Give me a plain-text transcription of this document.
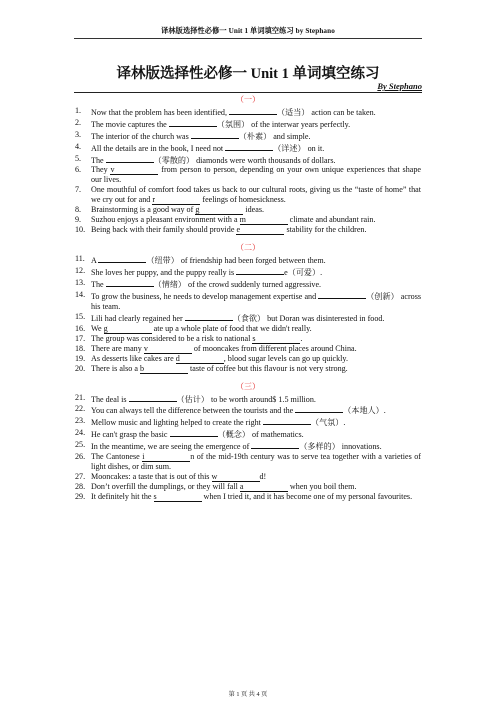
译林版选择性必修一 Unit 1 单词填空练习 by Stephano
译林版选择性必修一 Unit 1 单词填空练习
By Stephano
（一）
1.	Now that the problem has been identified,	（适当） action can be taken.
2.	The movie captures the	（氛围） of the interwar years perfectly.
3.	The interior of the church was	（朴素） and simple.
4.	All the details are in the book, I need not	（详述） on it.
5.	The	（零散的） diamonds were worth thousands of dollars.
6.	They v	from person to person, depending on your own unique experiences that shape our lives.
7.	One mouthful of comfort food takes us back to our cultural roots, giving us the “taste of home” that we cry out for and r	feelings of homesickness.
8.	Brainstorming is a good way of g	ideas.
9.	Suzhou enjoys a pleasant environment with a m	climate and abundant rain.
10. Being back with their family should provide e	stability for the children.
（二）
11. A	（纽带） of friendship had been forged between them.
12. She loves her puppy, and the puppy really is	e（可爱）.
13. The	（情绪） of the crowd suddenly turned aggressive.
14. To grow the business, he needs to develop management expertise and	（创新） across his team.
15. Lili had clearly regained her	（食欲） but Doran was disinterested in food.
16. We g	ate up a whole plate of food that we didn't really.
17. The group was considered to be a risk to national s	.
18. There are many v	of mooncakes from different places around China.
19. As desserts like cakes are d	, blood sugar levels can go up quickly.
20. There is also a b	taste of coffee but this flavour is not very strong.
（三）
21. The deal is	（估计） to be worth around$ 1.5 million.
22. You can always tell the difference between the tourists and the	（本地人）.
23. Mellow music and lighting helped to create the right	（气氛）.
24. He can't grasp the basic	（概念） of mathematics.
25. In the meantime, we are seeing the emergence of	（多样的） innovations.
26. The Cantonese i	n of the mid-19th century was to serve tea together with a varieties of light dishes, or dim sum.
27. Mooncakes: a taste that is out of this w	d!
28. Don’t overfill the dumplings, or they will fall a	when you boil them.
29. It definitely hit the s	when I tried it, and it has become one of my personal favourites.
第 1 页 共 4 页
